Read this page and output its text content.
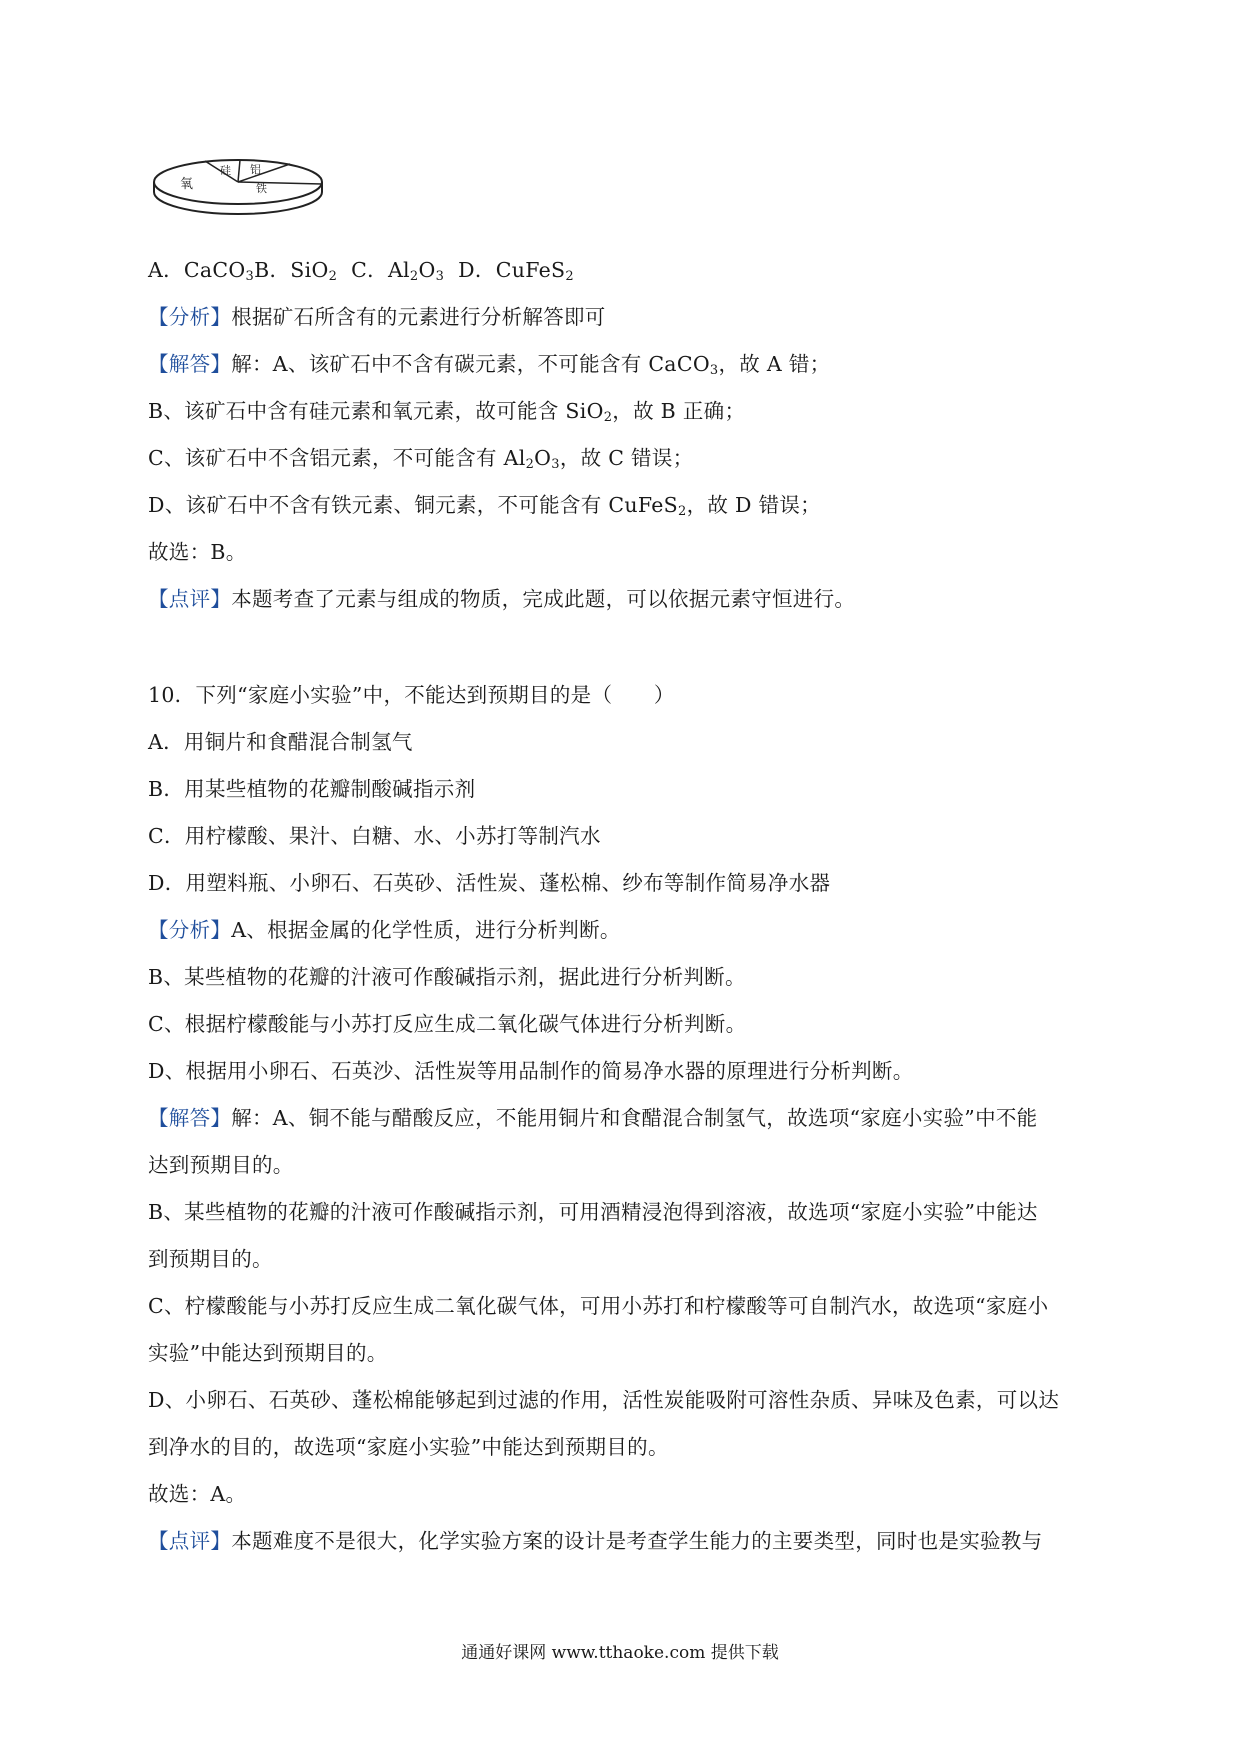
氧
硅 铝
铁
A．CaCO$_3$B．SiO$_2$ C．$Al_2O_3$ D．CuFeS$_2$
【分析】根据矿石所含有的元素进行分析解答即可
【解答】解：A、该矿石中不含有碳元素，不可能含有 CaCO$_3$，故 A 错；
B、该矿石中含有硅元素和氧元素，故可能含 SiO$_2$，故 B 正确；
C、该矿石中不含铝元素，不可能含有 $Al_2O_3$，故 C 错误；
D、该矿石中不含有铁元素、铜元素，不可能含有 CuFeS$_2$，故 D 错误；
故选：B。
【点评】本题考查了元素与组成的物质，完成此题，可以依据元素守恒进行。
10．下列“家庭小实验”中，不能达到预期目的是（　　）
A．用铜片和食醋混合制氢气
B．用某些植物的花瓣制酸碱指示剂
C．用柠檬酸、果汁、白糖、水、小苏打等制汽水
D．用塑料瓶、小卵石、石英砂、活性炭、蓬松棉、纱布等制作简易净水器
【分析】A、根据金属的化学性质，进行分析判断。
B、某些植物的花瓣的汁液可作酸碱指示剂，据此进行分析判断。
C、根据柠檬酸能与小苏打反应生成二氧化碳气体进行分析判断。
D、根据用小卵石、石英沙、活性炭等用品制作的简易净水器的原理进行分析判断。
【解答】解：A、铜不能与醋酸反应，不能用铜片和食醋混合制氢气，故选项“家庭小实验”中不能
达到预期目的。
B、某些植物的花瓣的汁液可作酸碱指示剂，可用酒精浸泡得到溶液，故选项“家庭小实验”中能达
到预期目的。
C、柠檬酸能与小苏打反应生成二氧化碳气体，可用小苏打和柠檬酸等可自制汽水，故选项“家庭小
实验”中能达到预期目的。
D、小卵石、石英砂、蓬松棉能够起到过滤的作用，活性炭能吸附可溶性杂质、异味及色素，可以达
到净水的目的，故选项“家庭小实验”中能达到预期目的。
故选：A。
【点评】本题难度不是很大，化学实验方案的设计是考查学生能力的主要类型，同时也是实验教与
通通好课网 www.tthaoke.com 提供下载
